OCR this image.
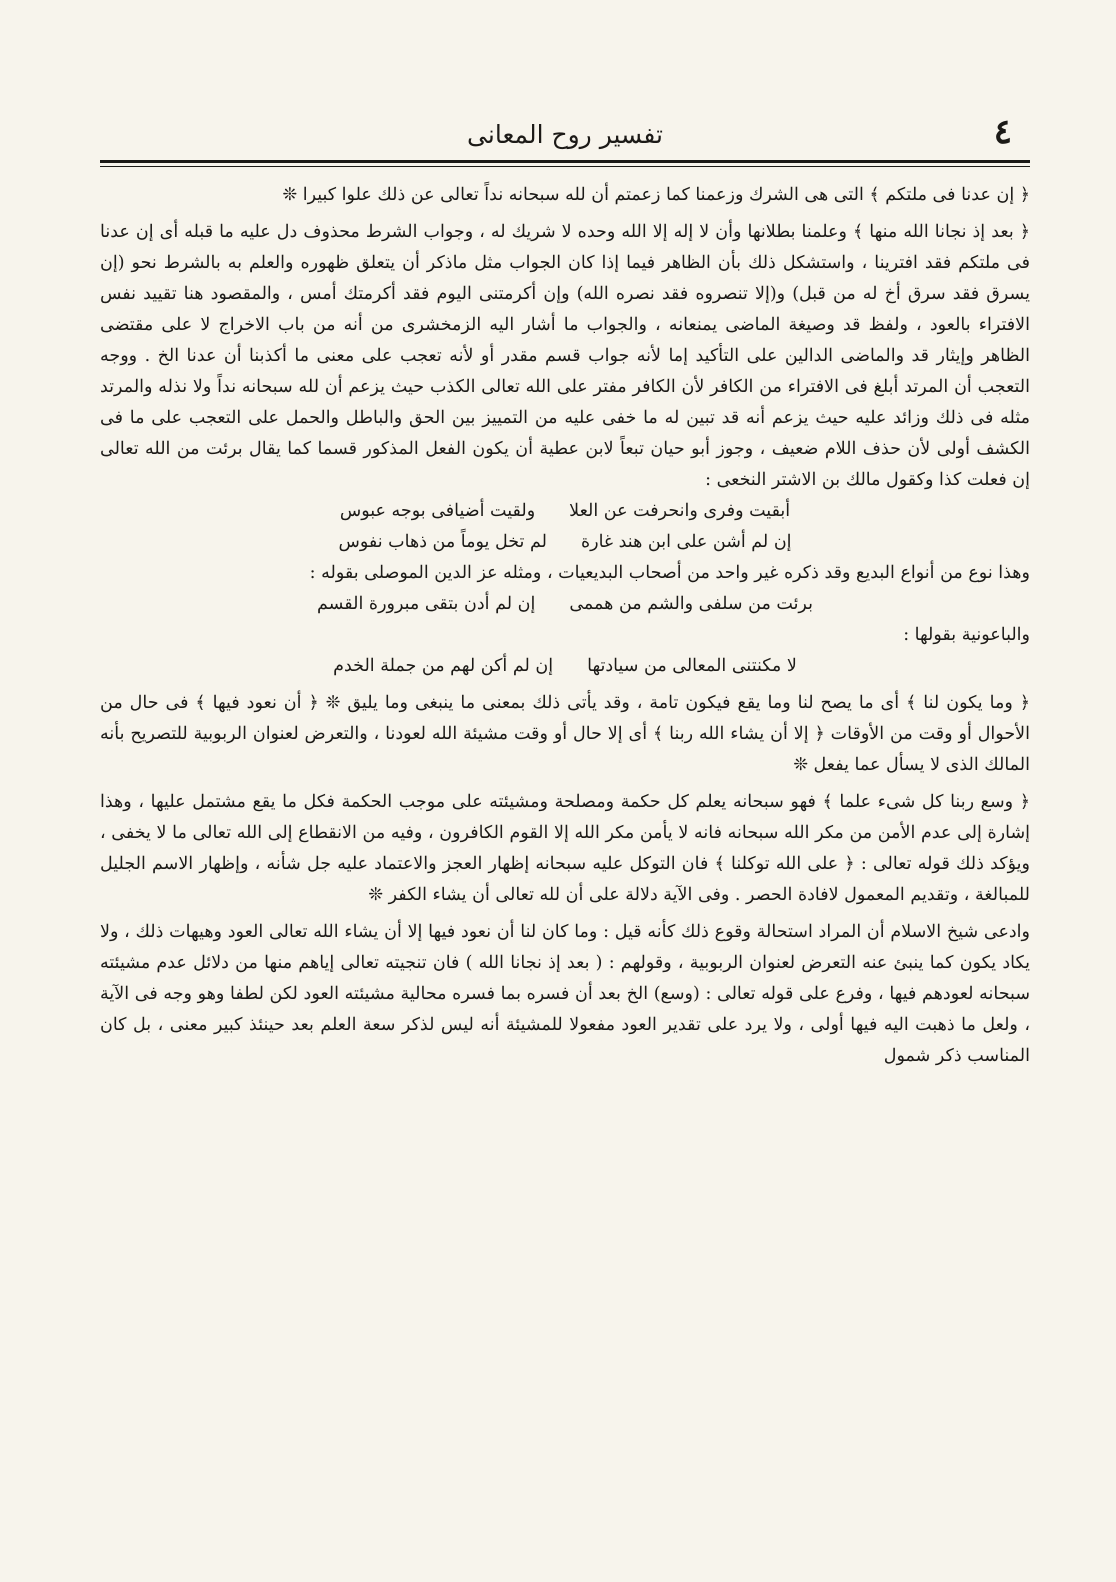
تفسير روح المعانى	٤

﴿ إن عدنا فى ملتكم ﴾ التى هى الشرك وزعمنا كما زعمتم أن لله سبحانه نداً تعالى عن ذلك علوا كبيرا ❊

﴿ بعد إذ نجانا الله منها ﴾ وعلمنا بطلانها وأن لا إله إلا الله وحده لا شريك له ، وجواب الشرط محذوف دل عليه ما قبله أى إن عدنا فى ملتكم فقد افترينا ، واستشكل ذلك بأن الظاهر فيما إذا كان الجواب مثل ماذكر أن يتعلق ظهوره والعلم به بالشرط نحو (إن يسرق فقد سرق أخ له من قبل) و(إلا تنصروه فقد نصره الله) وإن أكرمتنى اليوم فقد أكرمتك أمس ، والمقصود هنا تقييد نفس الافتراء بالعود ، ولفظ قد وصيغة الماضى يمنعانه ، والجواب ما أشار اليه الزمخشرى من أنه من باب الاخراج لا على مقتضى الظاهر وإيثار قد والماضى الدالين على التأكيد إما لأنه جواب قسم مقدر أو لأنه تعجب على معنى ما أكذبنا أن عدنا الخ . ووجه التعجب أن المرتد أبلغ فى الافتراء من الكافر لأن الكافر مفتر على الله تعالى الكذب حيث يزعم أن لله سبحانه نداً ولا نذله والمرتد مثله فى ذلك وزائد عليه حيث يزعم أنه قد تبين له ما خفى عليه من التمييز بين الحق والباطل والحمل على التعجب على ما فى الكشف أولى لأن حذف اللام ضعيف ، وجوز أبو حيان تبعاً لابن عطية أن يكون الفعل المذكور قسما كما يقال برئت من الله تعالى إن فعلت كذا وكقول مالك بن الاشتر النخعى :

أبقيت وفرى وانحرفت عن العلا
ولقيت أضيافى بوجه عبوس
إن لم أشن على ابن هند غارة
لم تخل يوماً من ذهاب نفوس

وهذا نوع من أنواع البديع وقد ذكره غير واحد من أصحاب البديعيات ، ومثله عز الدين الموصلى بقوله :

برئت من سلفى والشم من هممى
إن لم أدن بتقى مبرورة القسم

والباعونية بقولها :

لا مكنتنى المعالى من سيادتها
إن لم أكن لهم من جملة الخدم

﴿ وما يكون لنا ﴾ أى ما يصح لنا وما يقع فيكون تامة ، وقد يأتى ذلك بمعنى ما ينبغى وما يليق ❊ ﴿ أن نعود فيها ﴾ فى حال من الأحوال أو وقت من الأوقات ﴿ إلا أن يشاء الله ربنا ﴾ أى إلا حال أو وقت مشيئة الله لعودنا ، والتعرض لعنوان الربوبية للتصريح بأنه المالك الذى لا يسأل عما يفعل ❊

﴿ وسع ربنا كل شىء علما ﴾ فهو سبحانه يعلم كل حكمة ومصلحة ومشيئته على موجب الحكمة فكل ما يقع مشتمل عليها ، وهذا إشارة إلى عدم الأمن من مكر الله سبحانه فانه لا يأمن مكر الله إلا القوم الكافرون ، وفيه من الانقطاع إلى الله تعالى ما لا يخفى ، ويؤكد ذلك قوله تعالى : ﴿ على الله توكلنا ﴾ فان التوكل عليه سبحانه إظهار العجز والاعتماد عليه جل شأنه ، وإظهار الاسم الجليل للمبالغة ، وتقديم المعمول لافادة الحصر . وفى الآية دلالة على أن لله تعالى أن يشاء الكفر ❊

وادعى شيخ الاسلام أن المراد استحالة وقوع ذلك كأنه قيل : وما كان لنا أن نعود فيها إلا أن يشاء الله تعالى العود وهيهات ذلك ، ولا يكاد يكون كما ينبئ عنه التعرض لعنوان الربوبية ، وقولهم : ( بعد إذ نجانا الله ) فان تنجيته تعالى إياهم منها من دلائل عدم مشيئته سبحانه لعودهم فيها ، وفرع على قوله تعالى : (وسع) الخ بعد أن فسره بما فسره محالية مشيئته العود لكن لطفا وهو وجه فى الآية ، ولعل ما ذهبت اليه فيها أولى ، ولا يرد على تقدير العود مفعولا للمشيئة أنه ليس لذكر سعة العلم بعد حينئذ كبير معنى ، بل كان المناسب ذكر شمول
